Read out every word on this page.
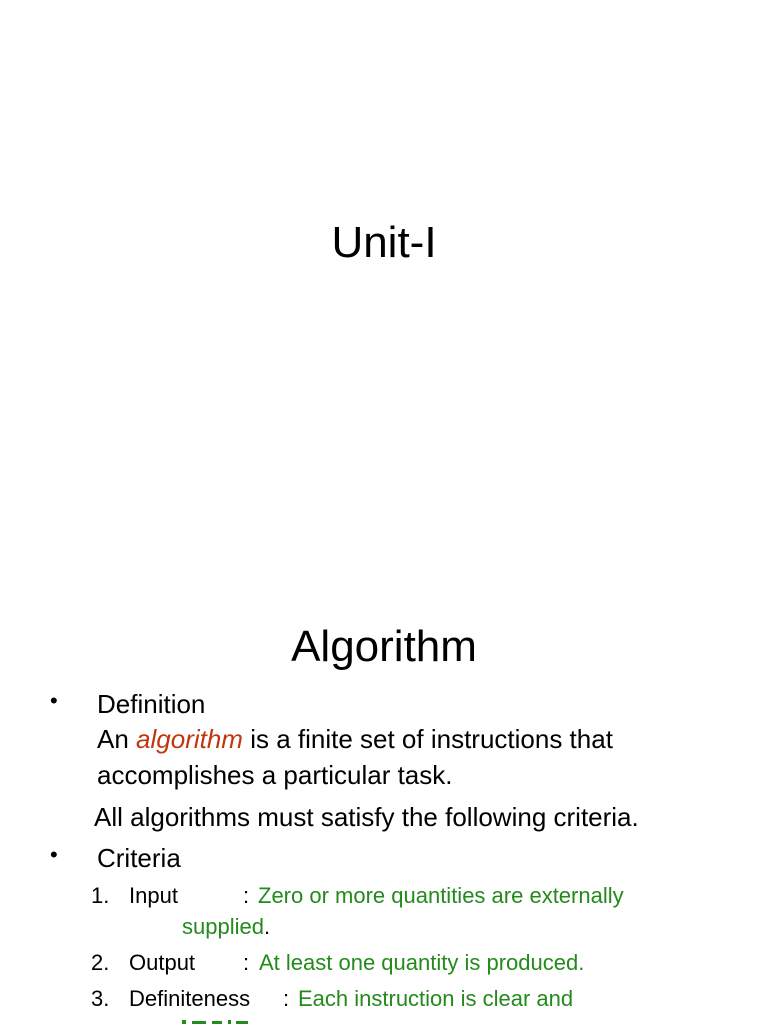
Unit-I
Algorithm
• Definition
An algorithm is a finite set of instructions that
accomplishes a particular task.
All algorithms must satisfy the following criteria.
• Criteria
1. Input	: Zero or more quantities are externally
supplied.
2. Output : At least one quantity is produced.
3. Definiteness : Each instruction is clear and
